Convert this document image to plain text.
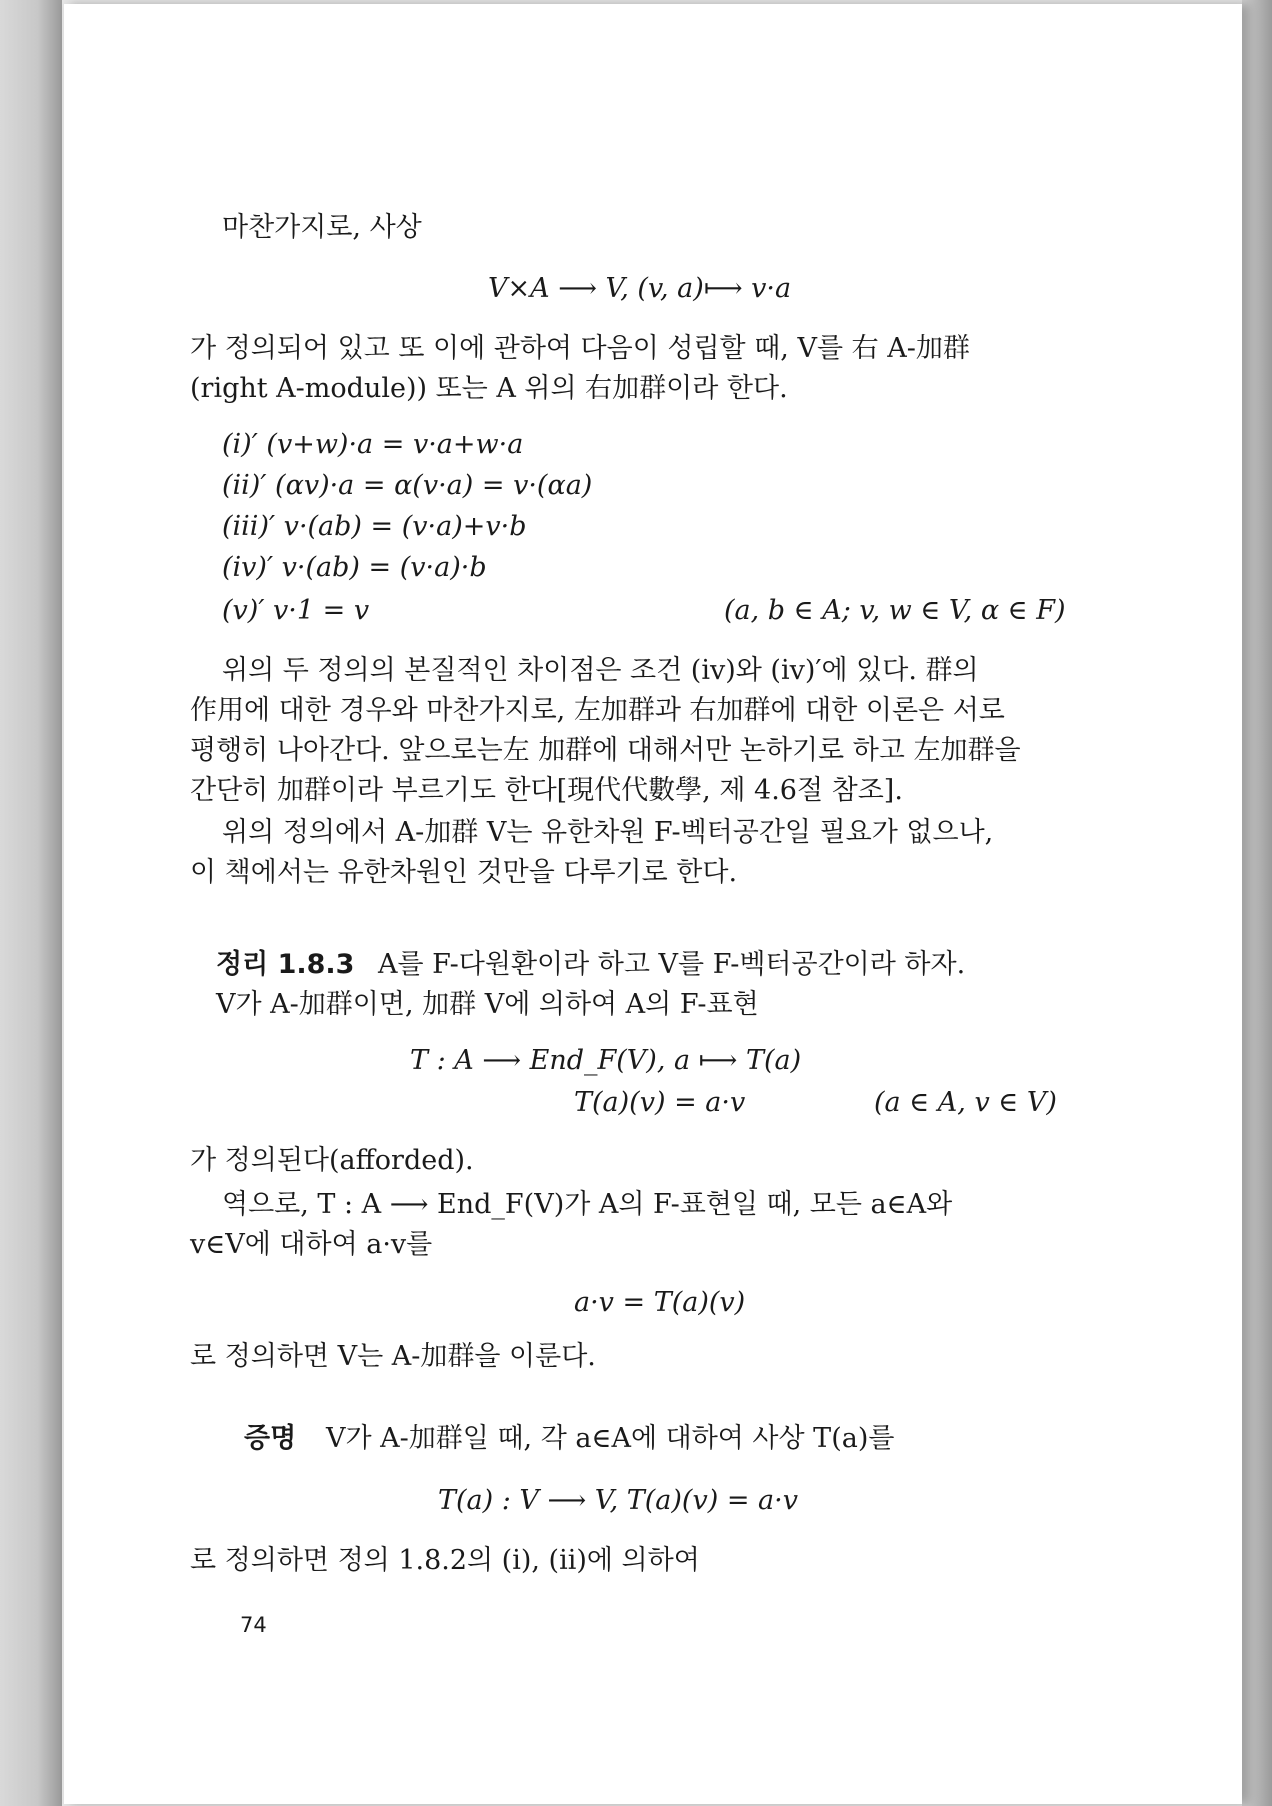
마찬가지로, 사상
V×A ⟶ V, (v, a)⟼ v·a
가 정의되어 있고 또 이에 관하여 다음이 성립할 때, V를 右 A-加群
(right A-module)) 또는 A 위의 右加群이라 한다.
(i)′ (v+w)·a = v·a+w·a
(ii)′ (αv)·a = α(v·a) = v·(αa)
(iii)′ v·(ab) = (v·a)+v·b
(iv)′ v·(ab) = (v·a)·b
(v)′ v·1 = v	(a, b ∈ A; v, w ∈ V, α ∈ F)
위의 두 정의의 본질적인 차이점은 조건 (iv)와 (iv)′에 있다. 群의
作用에 대한 경우와 마찬가지로, 左加群과 右加群에 대한 이론은 서로
평행히 나아간다. 앞으로는左 加群에 대해서만 논하기로 하고 左加群을
간단히 加群이라 부르기도 한다[現代代數學, 제 4.6절 참조].
위의 정의에서 A-加群 V는 유한차원 F-벡터공간일 필요가 없으나,
이 책에서는 유한차원인 것만을 다루기로 한다.
정리 1.8.3 A를 F-다원환이라 하고 V를 F-벡터공간이라 하자.
V가 A-加群이면, 加群 V에 의하여 A의 F-표현
T : A ⟶ End_F(V), a ⟼ T(a)
T(a)(v) = a·v	(a ∈ A, v ∈ V)
가 정의된다(afforded).
역으로, T : A ⟶ End_F(V)가 A의 F-표현일 때, 모든 a∈A와
v∈V에 대하여 a·v를
a·v = T(a)(v)
로 정의하면 V는 A-加群을 이룬다.
증명 V가 A-加群일 때, 각 a∈A에 대하여 사상 T(a)를
T(a) : V ⟶ V, T(a)(v) = a·v
로 정의하면 정의 1.8.2의 (i), (ii)에 의하여
74
